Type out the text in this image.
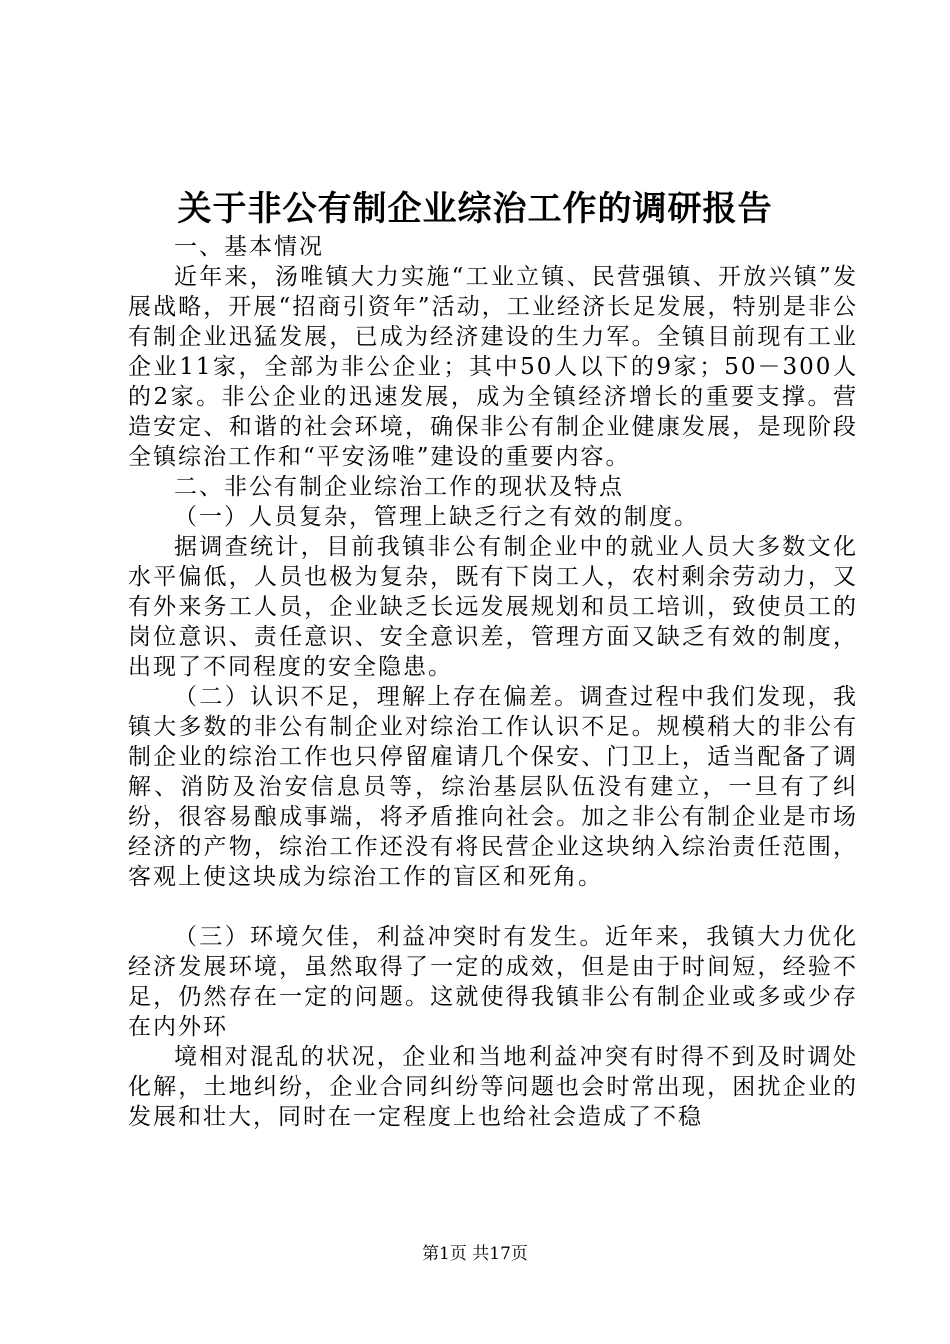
关于非公有制企业综治工作的调研报告

一、基本情况

近年来，汤唯镇大力实施“工业立镇、民营强镇、开放兴镇”发展战略，开展“招商引资年”活动，工业经济长足发展，特别是非公有制企业迅猛发展，已成为经济建设的生力军。全镇目前现有工业企业11家，全部为非公企业；其中50人以下的9家；50－300人的2家。非公企业的迅速发展，成为全镇经济增长的重要支撑。营造安定、和谐的社会环境，确保非公有制企业健康发展，是现阶段全镇综治工作和“平安汤唯”建设的重要内容。

二、非公有制企业综治工作的现状及特点

（一）人员复杂，管理上缺乏行之有效的制度。

据调查统计，目前我镇非公有制企业中的就业人员大多数文化水平偏低，人员也极为复杂，既有下岗工人，农村剩余劳动力，又有外来务工人员，企业缺乏长远发展规划和员工培训，致使员工的岗位意识、责任意识、安全意识差，管理方面又缺乏有效的制度，出现了不同程度的安全隐患。

（二）认识不足，理解上存在偏差。调查过程中我们发现，我镇大多数的非公有制企业对综治工作认识不足。规模稍大的非公有制企业的综治工作也只停留雇请几个保安、门卫上，适当配备了调解、消防及治安信息员等，综治基层队伍没有建立，一旦有了纠纷，很容易酿成事端，将矛盾推向社会。加之非公有制企业是市场经济的产物，综治工作还没有将民营企业这块纳入综治责任范围，客观上使这块成为综治工作的盲区和死角。

（三）环境欠佳，利益冲突时有发生。近年来，我镇大力优化经济发展环境，虽然取得了一定的成效，但是由于时间短，经验不足，仍然存在一定的问题。这就使得我镇非公有制企业或多或少存在内外环

境相对混乱的状况，企业和当地利益冲突有时得不到及时调处化解，土地纠纷，企业合同纠纷等问题也会时常出现，困扰企业的发展和壮大，同时在一定程度上也给社会造成了不稳

第1页 共17页
